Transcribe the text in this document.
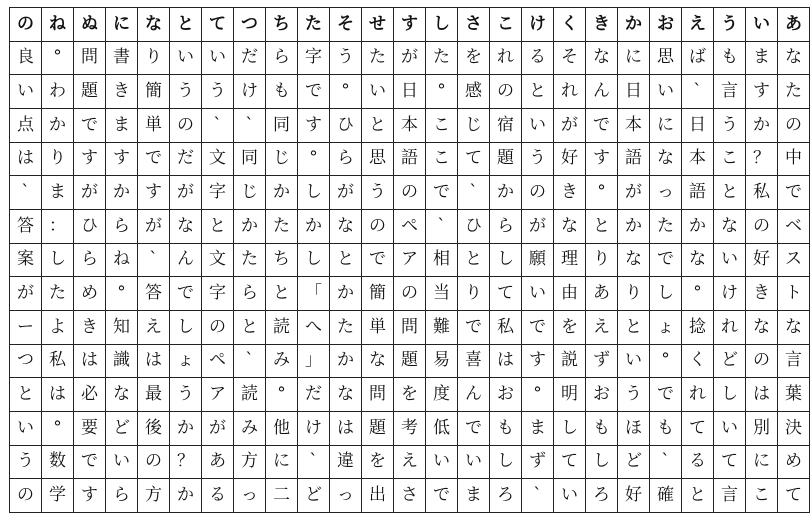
の	ね	ぬ	に	な	と	て	つ	ち	た	そ	せ	す	し	さ	こ	け	く	き	か	お	え	う	い	あ
良	°	問	書	り	い	い	だ	ら	字	う	た	が	た	を	れ	る	そ	な	に	思	ば	も	ま	な
い	わ	題	き	簡	う	う	け	も	で	°	い	日	°	感	の	と	れ	ん	日	い	`	言	す	た
点	か	で	ま	単	の	`	`	同	す	ひ	と	本	こ	じ	宿	い	が	で	本	に	日	う	か	の
は	り	す	す	で	だ	文	同	じ	°	ら	思	語	こ	て	題	う	好	す	語	な	本	こ	？	中
`	ま	が	か	す	が	字	じ	か	し	が	う	の	で	`	か	の	き	°	が	っ	語	と	私	で
答	：	ひ	ら	が	な	と	か	た	か	な	の	ペ	`	ひ	ら	が	な	と	か	た	か	な	の	ベ
案	し	ら	ね	`	ん	文	た	ち	し	と	で	ア	相	と	し	願	理	り	な	で	な	い	好	ス
が	た	め	°	答	で	字	ら	と	「	か	簡	の	当	り	て	い	由	あ	り	し	°	け	き	ト
ー	よ	き	知	え	し	の	と	読	へ	た	単	問	難	で	私	で	を	え	と	ょ	捻	れ	な	な
つ	私	は	識	は	ょ	ペ	`	み	」	か	な	題	易	喜	は	す	説	ず	い	°	く	ど	の	言
と	は	必	な	最	う	ア	読	°	だ	な	問	を	度	ん	お	°	明	お	う	で	れ	し	は	葉
い	°	要	ど	後	か	が	み	他	け	は	題	考	低	で	も	ま	し	も	ほ	も	て	い	別	決
う	数	で	い	の	？	あ	方	に	`	違	を	え	い	い	し	ず	て	し	ど	`	る	て	に	め
の	学	す	ら	方	か	る	っ	二	ど	っ	出	さ	で	ま	ろ	`	い	ろ	好	確	と	言	こ	て
